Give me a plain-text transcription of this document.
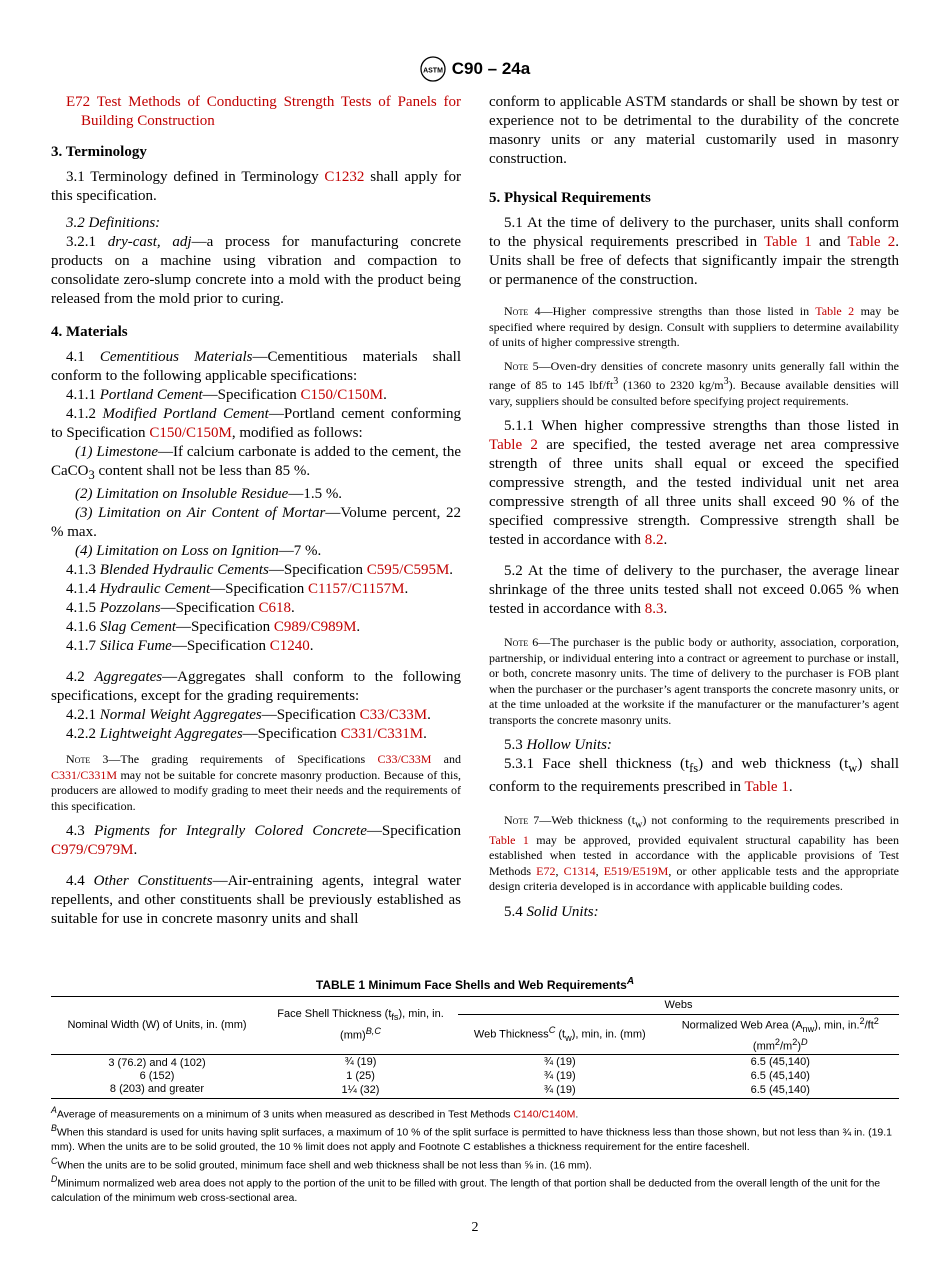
ASTM C90 – 24a

E72 Test Methods of Conducting Strength Tests of Panels for Building Construction

3. Terminology

3.1 Terminology defined in Terminology C1232 shall apply for this specification.

3.2 Definitions:

3.2.1 dry-cast, adj—a process for manufacturing concrete products on a machine using vibration and compaction to consolidate zero-slump concrete into a mold with the product being released from the mold prior to curing.

4. Materials

4.1 Cementitious Materials—Cementitious materials shall conform to the following applicable specifications:

4.1.1 Portland Cement—Specification C150/C150M.

4.1.2 Modified Portland Cement—Portland cement conforming to Specification C150/C150M, modified as follows:

(1) Limestone—If calcium carbonate is added to the cement, the CaCO$_3$ content shall not be less than 85 %.

(2) Limitation on Insoluble Residue—1.5 %.

(3) Limitation on Air Content of Mortar—Volume percent, 22 % max.

(4) Limitation on Loss on Ignition—7 %.

4.1.3 Blended Hydraulic Cements—Specification C595/C595M.

4.1.4 Hydraulic Cement—Specification C1157/C1157M.

4.1.5 Pozzolans—Specification C618.

4.1.6 Slag Cement—Specification C989/C989M.

4.1.7 Silica Fume—Specification C1240.

4.2 Aggregates—Aggregates shall conform to the following specifications, except for the grading requirements:

4.2.1 Normal Weight Aggregates—Specification C33/C33M.

4.2.2 Lightweight Aggregates—Specification C331/C331M.

Note 3—The grading requirements of Specifications C33/C33M and C331/C331M may not be suitable for concrete masonry production. Because of this, producers are allowed to modify grading to meet their needs and the requirements of this specification.

4.3 Pigments for Integrally Colored Concrete—Specification C979/C979M.

4.4 Other Constituents—Air-entraining agents, integral water repellents, and other constituents shall be previously established as suitable for use in concrete masonry units and shall

conform to applicable ASTM standards or shall be shown by test or experience not to be detrimental to the durability of the concrete masonry units or any material customarily used in masonry construction.

5. Physical Requirements

5.1 At the time of delivery to the purchaser, units shall conform to the physical requirements prescribed in Table 1 and Table 2. Units shall be free of defects that significantly impair the strength or permanence of the construction.

Note 4—Higher compressive strengths than those listed in Table 2 may be specified where required by design. Consult with suppliers to determine availability of units of higher compressive strength.

Note 5—Oven-dry densities of concrete masonry units generally fall within the range of 85 to 145 lbf/$ft^3$ (1360 to 2320 $kg/m^3$). Because available densities will vary, suppliers should be consulted before specifying project requirements.

5.1.1 When higher compressive strengths than those listed in Table 2 are specified, the tested average net area compressive strength of three units shall equal or exceed the specified compressive strength, and the tested individual unit net area compressive strength of all three units shall exceed 90 % of the specified compressive strength. Compressive strength shall be tested in accordance with 8.2.

5.2 At the time of delivery to the purchaser, the average linear shrinkage of the three units tested shall not exceed 0.065 % when tested in accordance with 8.3.

Note 6—The purchaser is the public body or authority, association, corporation, partnership, or individual entering into a contract or agreement to purchase or install, or both, concrete masonry units. The time of delivery to the purchaser is FOB plant when the purchaser or the purchaser’s agent transports the concrete masonry units, or at the time unloaded at the worksite if the manufacturer or the manufacturer’s agent transports the concrete masonry units.

5.3 Hollow Units:

5.3.1 Face shell thickness $(t_{fs})$ and web thickness $(t_w)$ shall conform to the requirements prescribed in Table 1.

Note 7—Web thickness $(t_w)$ not conforming to the requirements prescribed in Table 1 may be approved, provided equivalent structural capability has been established when tested in accordance with the applicable provisions of Test Methods E72, C1314, E519/E519M, or other applicable tests and the appropriate design criteria developed is in accordance with applicable building codes.

5.4 Solid Units:

TABLE 1 Minimum Face Shells and Web Requirements$^A$
Nominal Width (W) of Units, in. (mm)	Face Shell Thickness $(t_{fs})$, min, in. (mm)$^{B,C}$	Webs	
		Web Thickness$^C$ $(t_w)$, min, in. (mm)	Normalized Web Area $(A_{nw})$, min, $in.^2/ft^2$ $(mm^2/m^2)^D$
3 (76.2) and 4 (102)	¾ (19)	¾ (19)	6.5 (45,140)
6 (152)	1 (25)	¾ (19)	6.5 (45,140)
8 (203) and greater	1¼ (32)	¾ (19)	6.5 (45,140)

$^A$Average of measurements on a minimum of 3 units when measured as described in Test Methods C140/C140M.

$^B$When this standard is used for units having split surfaces, a maximum of 10 % of the split surface is permitted to have thickness less than those shown, but not less than ¾ in. (19.1 mm). When the units are to be solid grouted, the 10 % limit does not apply and Footnote C establishes a thickness requirement for the entire faceshell.

$^C$When the units are to be solid grouted, minimum face shell and web thickness shall be not less than ⅝ in. (16 mm).

$^D$Minimum normalized web area does not apply to the portion of the unit to be filled with grout. The length of that portion shall be deducted from the overall length of the unit for the calculation of the minimum web cross-sectional area.

2
